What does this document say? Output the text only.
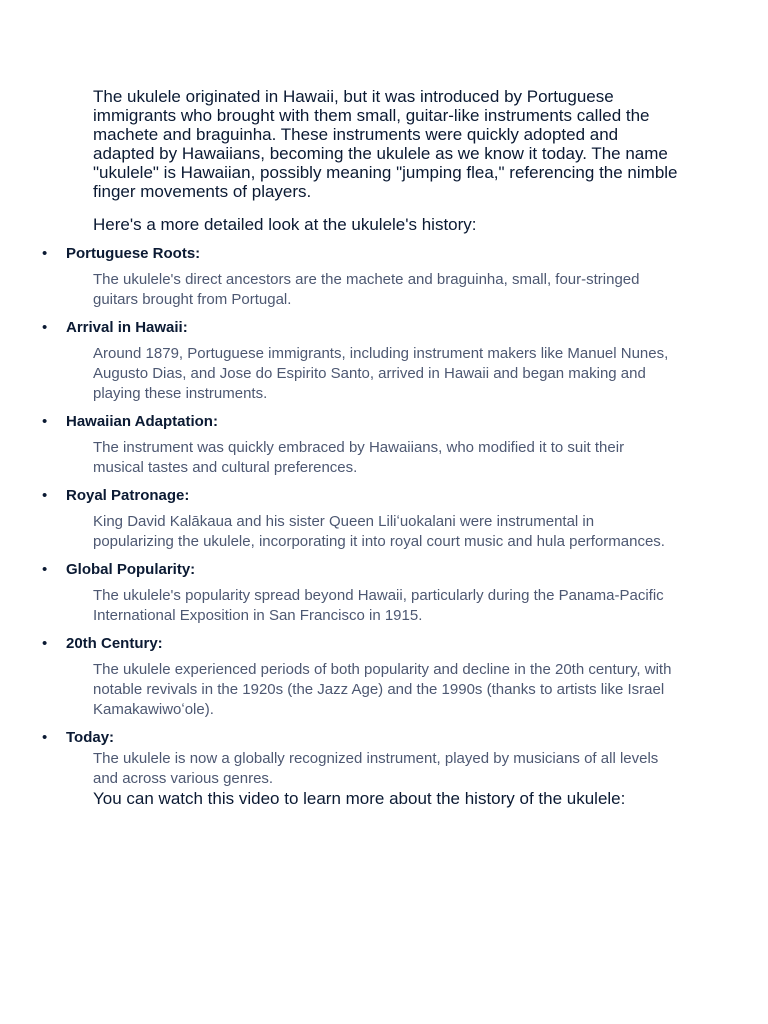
The ukulele originated in Hawaii, but it was introduced by Portuguese immigrants who brought with them small, guitar-like instruments called the machete and braguinha. These instruments were quickly adopted and adapted by Hawaiians, becoming the ukulele as we know it today. The name "ukulele" is Hawaiian, possibly meaning "jumping flea," referencing the nimble finger movements of players.

Here's a more detailed look at the ukulele's history:

• Portuguese Roots:

The ukulele's direct ancestors are the machete and braguinha, small, four-stringed guitars brought from Portugal.

• Arrival in Hawaii:

Around 1879, Portuguese immigrants, including instrument makers like Manuel Nunes, Augusto Dias, and Jose do Espirito Santo, arrived in Hawaii and began making and playing these instruments.

• Hawaiian Adaptation:

The instrument was quickly embraced by Hawaiians, who modified it to suit their musical tastes and cultural preferences.

• Royal Patronage:

King David Kalākaua and his sister Queen Liliʻuokalani were instrumental in popularizing the ukulele, incorporating it into royal court music and hula performances.

• Global Popularity:

The ukulele's popularity spread beyond Hawaii, particularly during the Panama-Pacific International Exposition in San Francisco in 1915.

• 20th Century:

The ukulele experienced periods of both popularity and decline in the 20th century, with notable revivals in the 1920s (the Jazz Age) and the 1990s (thanks to artists like Israel Kamakawiwoʻole).

• Today:

The ukulele is now a globally recognized instrument, played by musicians of all levels and across various genres.

You can watch this video to learn more about the history of the ukulele:
